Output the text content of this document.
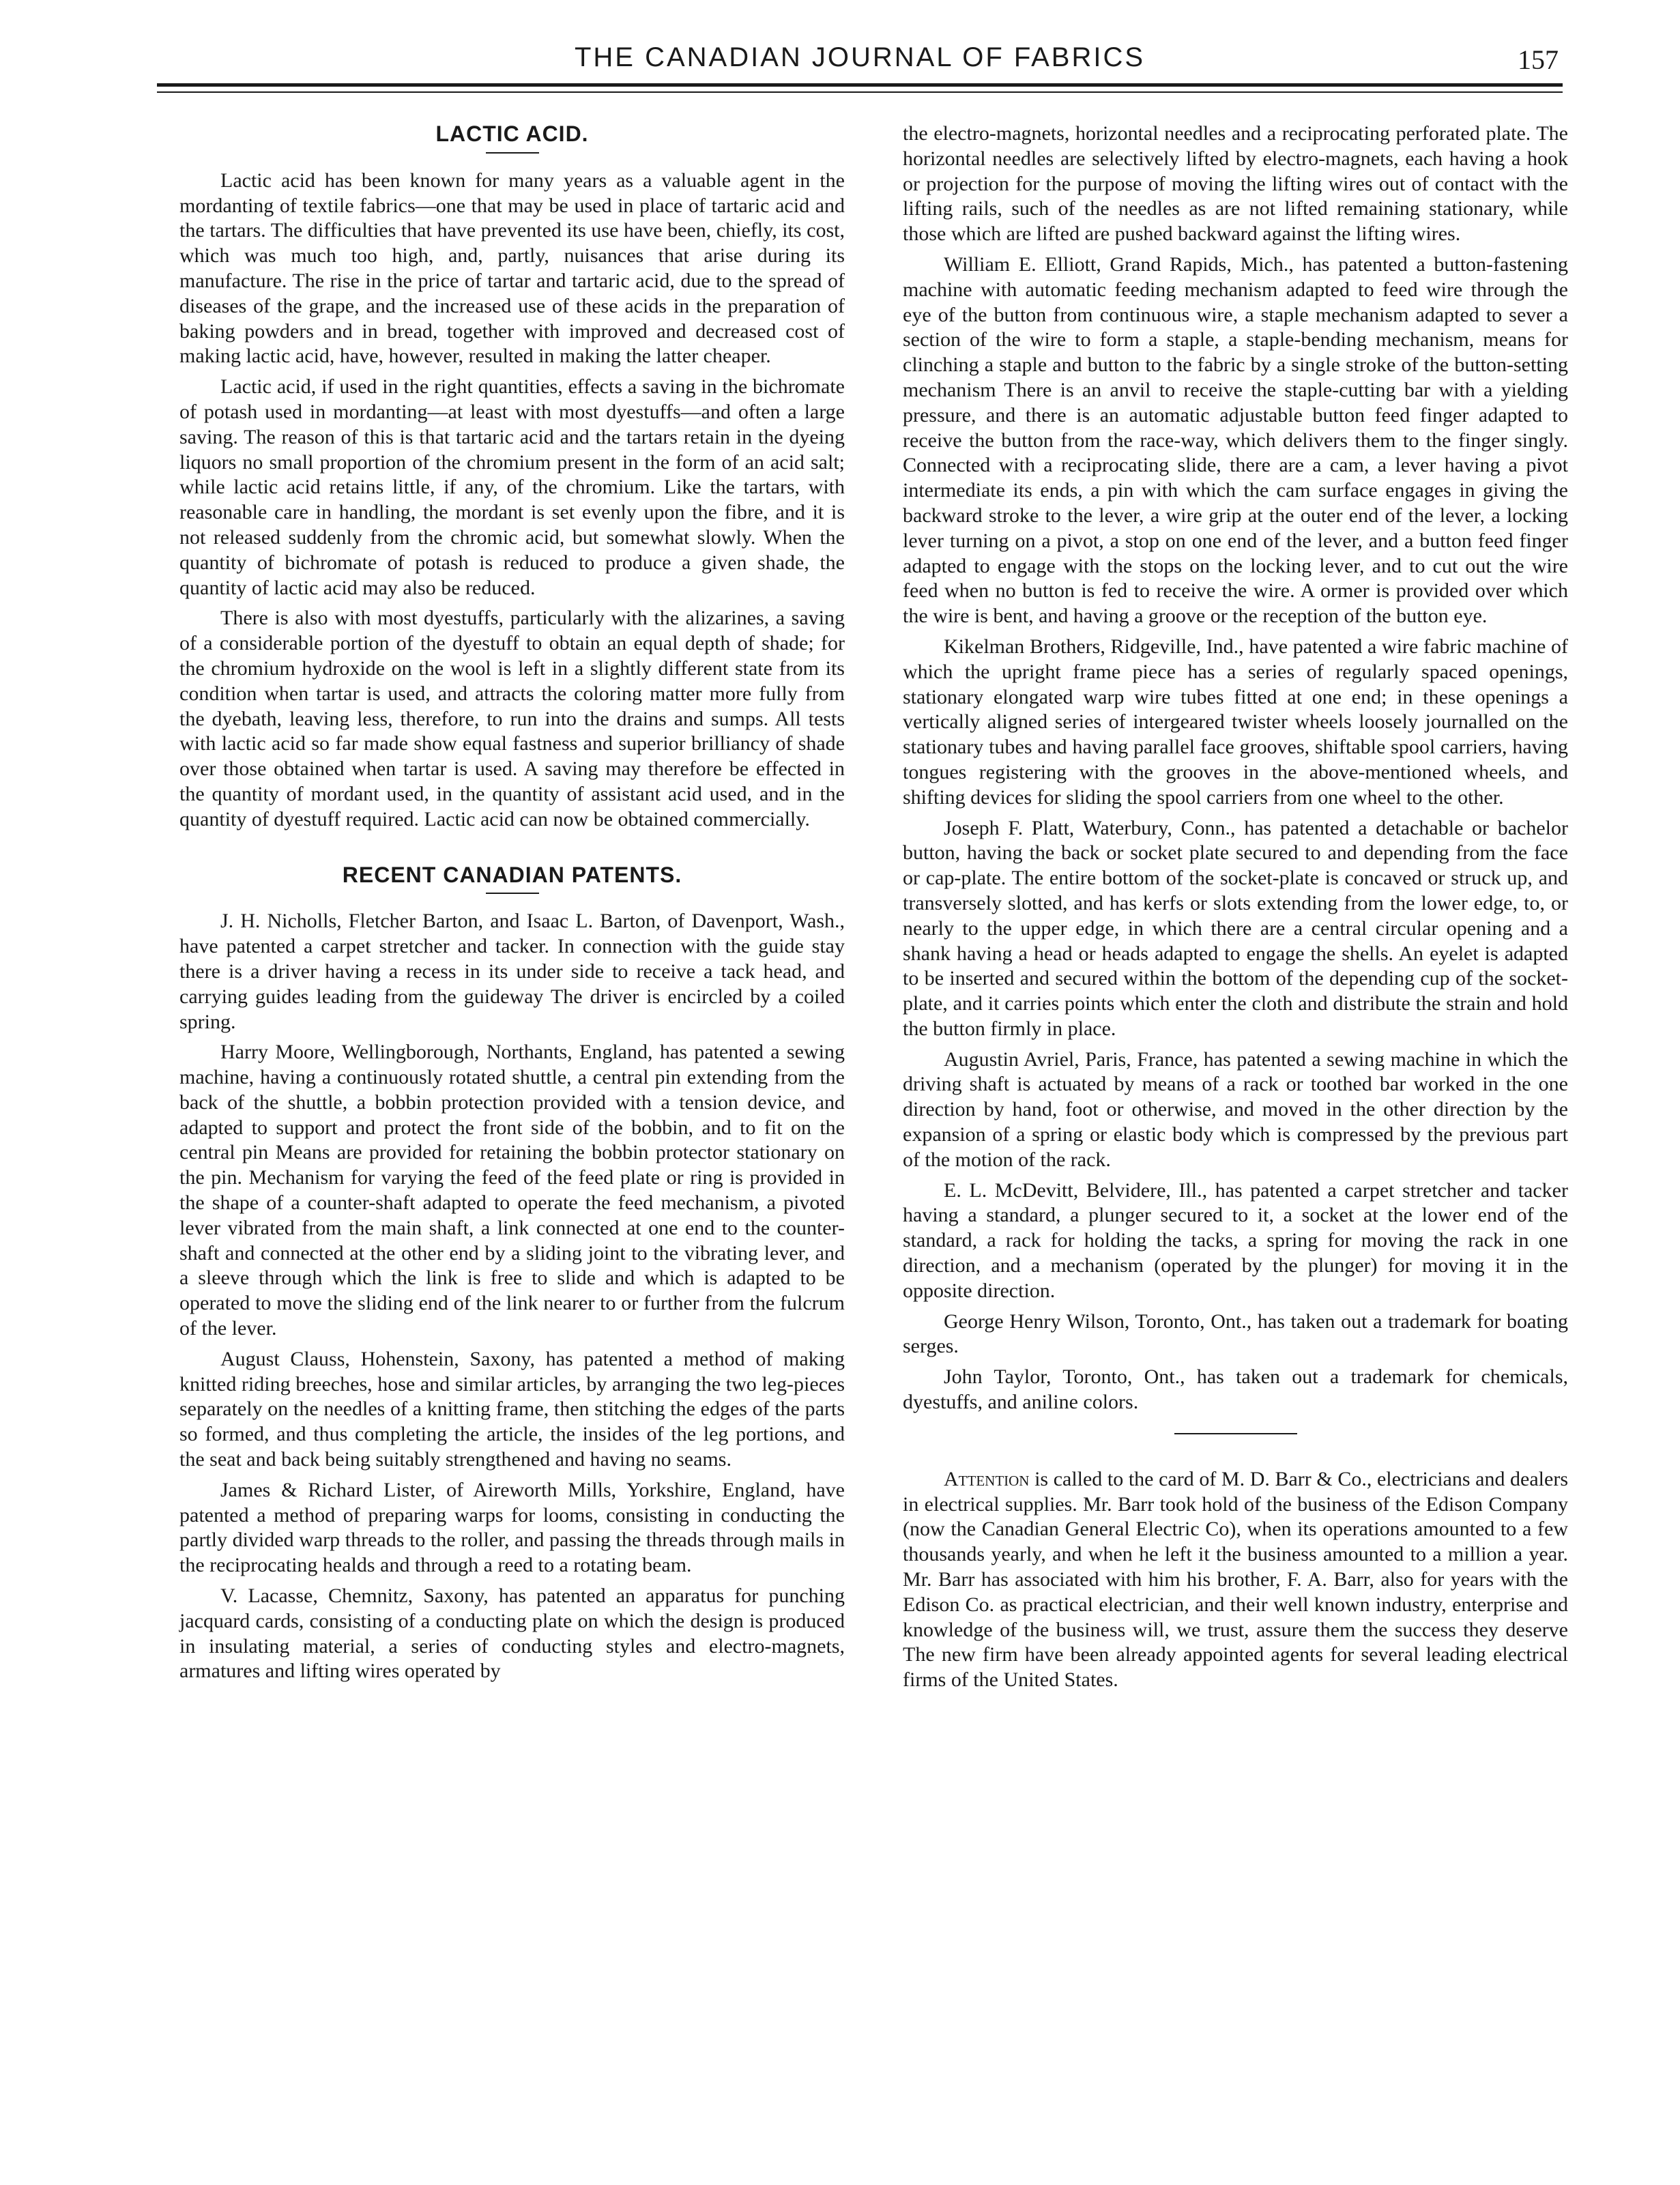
THE CANADIAN JOURNAL OF FABRICS	157
LACTIC ACID.

Lactic acid has been known for many years as a valuable agent in the mordanting of textile fabrics—one that may be used in place of tartaric acid and the tartars. The difficulties that have prevented its use have been, chiefly, its cost, which was much too high, and, partly, nuisances that arise during its manufacture. The rise in the price of tartar and tartaric acid, due to the spread of diseases of the grape, and the increased use of these acids in the preparation of baking powders and in bread, together with improved and decreased cost of making lactic acid, have, however, resulted in making the latter cheaper.

Lactic acid, if used in the right quantities, effects a saving in the bichromate of potash used in mordanting—at least with most dyestuffs—and often a large saving. The reason of this is that tartaric acid and the tartars retain in the dyeing liquors no small proportion of the chromium present in the form of an acid salt; while lactic acid retains little, if any, of the chromium. Like the tartars, with reasonable care in handling, the mordant is set evenly upon the fibre, and it is not released suddenly from the chromic acid, but somewhat slowly. When the quantity of bichromate of potash is reduced to produce a given shade, the quantity of lactic acid may also be reduced.

There is also with most dyestuffs, particularly with the alizarines, a saving of a considerable portion of the dyestuff to obtain an equal depth of shade; for the chromium hydroxide on the wool is left in a slightly different state from its condition when tartar is used, and attracts the coloring matter more fully from the dyebath, leaving less, therefore, to run into the drains and sumps. All tests with lactic acid so far made show equal fastness and superior brilliancy of shade over those obtained when tartar is used. A saving may therefore be effected in the quantity of mordant used, in the quantity of assistant acid used, and in the quantity of dyestuff required. Lactic acid can now be obtained commercially.

RECENT CANADIAN PATENTS.

J. H. Nicholls, Fletcher Barton, and Isaac L. Barton, of Davenport, Wash., have patented a carpet stretcher and tacker. In connection with the guide stay there is a driver having a recess in its under side to receive a tack head, and carrying guides leading from the guideway The driver is encircled by a coiled spring.

Harry Moore, Wellingborough, Northants, England, has patented a sewing machine, having a continuously rotated shuttle, a central pin extending from the back of the shuttle, a bobbin protection provided with a tension device, and adapted to support and protect the front side of the bobbin, and to fit on the central pin Means are provided for retaining the bobbin protector stationary on the pin. Mechanism for varying the feed of the feed plate or ring is provided in the shape of a counter-shaft adapted to operate the feed mechanism, a pivoted lever vibrated from the main shaft, a link connected at one end to the counter-shaft and connected at the other end by a sliding joint to the vibrating lever, and a sleeve through which the link is free to slide and which is adapted to be operated to move the sliding end of the link nearer to or further from the fulcrum of the lever.

August Clauss, Hohenstein, Saxony, has patented a method of making knitted riding breeches, hose and similar articles, by arranging the two leg-pieces separately on the needles of a knitting frame, then stitching the edges of the parts so formed, and thus completing the article, the insides of the leg portions, and the seat and back being suitably strengthened and having no seams.

James & Richard Lister, of Aireworth Mills, Yorkshire, England, have patented a method of preparing warps for looms, consisting in conducting the partly divided warp threads to the roller, and passing the threads through mails in the reciprocating healds and through a reed to a rotating beam.

V. Lacasse, Chemnitz, Saxony, has patented an apparatus for punching jacquard cards, consisting of a conducting plate on which the design is produced in insulating material, a series of conducting styles and electro-magnets, armatures and lifting wires operated by

the electro-magnets, horizontal needles and a reciprocating perforated plate. The horizontal needles are selectively lifted by electro-magnets, each having a hook or projection for the purpose of moving the lifting wires out of contact with the lifting rails, such of the needles as are not lifted remaining stationary, while those which are lifted are pushed backward against the lifting wires.

William E. Elliott, Grand Rapids, Mich., has patented a button-fastening machine with automatic feeding mechanism adapted to feed wire through the eye of the button from continuous wire, a staple mechanism adapted to sever a section of the wire to form a staple, a staple-bending mechanism, means for clinching a staple and button to the fabric by a single stroke of the button-setting mechanism There is an anvil to receive the staple-cutting bar with a yielding pressure, and there is an automatic adjustable button feed finger adapted to receive the button from the race-way, which delivers them to the finger singly. Connected with a reciprocating slide, there are a cam, a lever having a pivot intermediate its ends, a pin with which the cam surface engages in giving the backward stroke to the lever, a wire grip at the outer end of the lever, a locking lever turning on a pivot, a stop on one end of the lever, and a button feed finger adapted to engage with the stops on the locking lever, and to cut out the wire feed when no button is fed to receive the wire. A ormer is provided over which the wire is bent, and having a groove or the reception of the button eye.

Kikelman Brothers, Ridgeville, Ind., have patented a wire fabric machine of which the upright frame piece has a series of regularly spaced openings, stationary elongated warp wire tubes fitted at one end; in these openings a vertically aligned series of intergeared twister wheels loosely journalled on the stationary tubes and having parallel face grooves, shiftable spool carriers, having tongues registering with the grooves in the above-mentioned wheels, and shifting devices for sliding the spool carriers from one wheel to the other.

Joseph F. Platt, Waterbury, Conn., has patented a detachable or bachelor button, having the back or socket plate secured to and depending from the face or cap-plate. The entire bottom of the socket-plate is concaved or struck up, and transversely slotted, and has kerfs or slots extending from the lower edge, to, or nearly to the upper edge, in which there are a central circular opening and a shank having a head or heads adapted to engage the shells. An eyelet is adapted to be inserted and secured within the bottom of the depending cup of the socket-plate, and it carries points which enter the cloth and distribute the strain and hold the button firmly in place.

Augustin Avriel, Paris, France, has patented a sewing machine in which the driving shaft is actuated by means of a rack or toothed bar worked in the one direction by hand, foot or otherwise, and moved in the other direction by the expansion of a spring or elastic body which is compressed by the previous part of the motion of the rack.

E. L. McDevitt, Belvidere, Ill., has patented a carpet stretcher and tacker having a standard, a plunger secured to it, a socket at the lower end of the standard, a rack for holding the tacks, a spring for moving the rack in one direction, and a mechanism (operated by the plunger) for moving it in the opposite direction.

George Henry Wilson, Toronto, Ont., has taken out a trademark for boating serges.

John Taylor, Toronto, Ont., has taken out a trademark for chemicals, dyestuffs, and aniline colors.

Attention is called to the card of M. D. Barr & Co., electricians and dealers in electrical supplies. Mr. Barr took hold of the business of the Edison Company (now the Canadian General Electric Co), when its operations amounted to a few thousands yearly, and when he left it the business amounted to a million a year. Mr. Barr has associated with him his brother, F. A. Barr, also for years with the Edison Co. as practical electrician, and their well known industry, enterprise and knowledge of the business will, we trust, assure them the success they deserve The new firm have been already appointed agents for several leading electrical firms of the United States.
